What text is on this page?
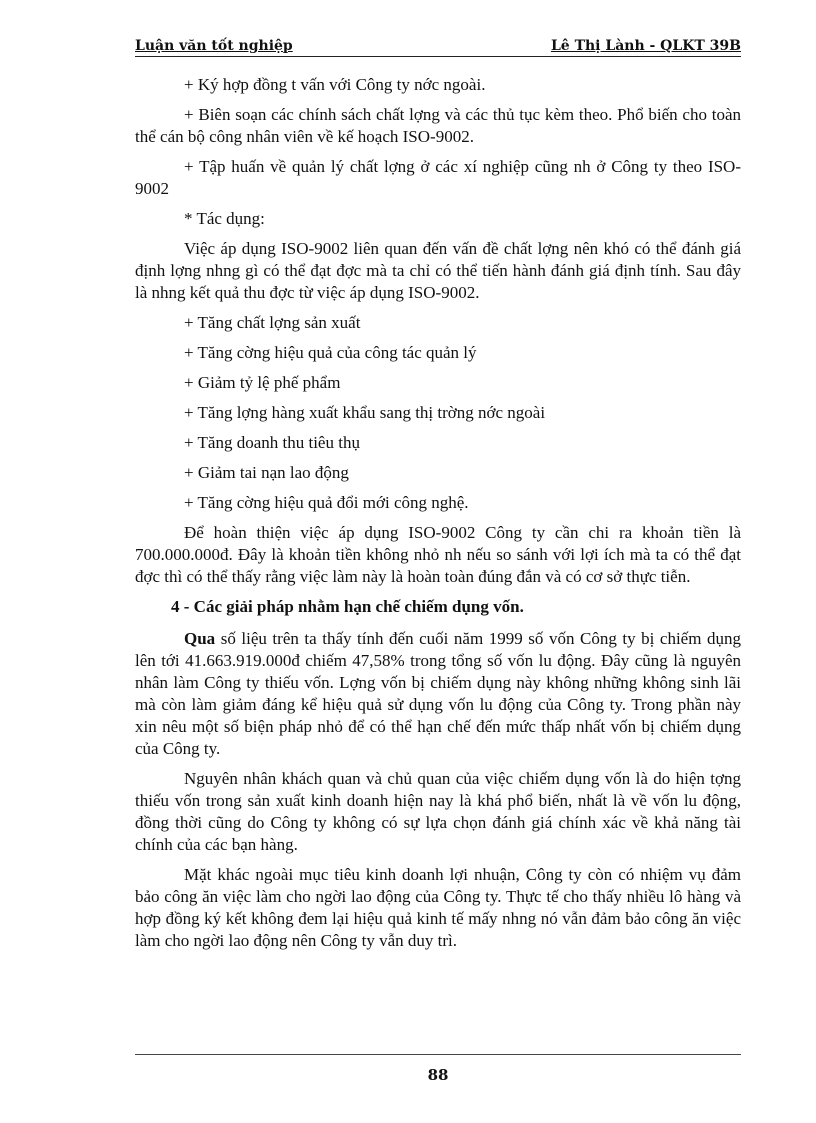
Luận văn tốt nghiệp	Lê Thị Lành - QLKT 39B

+ Ký hợp đồng t vấn với Công ty nớc ngoài.

+ Biên soạn các chính sách chất lợng và các thủ tục kèm theo. Phổ biến cho toàn thể cán bộ công nhân viên về kế hoạch ISO-9002.

+ Tập huấn về quản lý chất lợng ở các xí nghiệp cũng nh ở Công ty theo ISO-9002

* Tác dụng:

Việc áp dụng ISO-9002 liên quan đến vấn đề chất lợng nên khó có thể đánh giá định lợng nhng gì có thể đạt đợc mà ta chỉ có thể tiến hành đánh giá định tính. Sau đây là nhng kết quả thu đợc từ việc áp dụng ISO-9002.

+ Tăng chất lợng sản xuất

+ Tăng cờng hiệu quả của công tác quản lý

+ Giảm tỷ lệ phế phẩm

+ Tăng lợng hàng xuất khẩu sang thị trờng nớc ngoài

+ Tăng doanh thu tiêu thụ

+ Giảm tai nạn lao động

+ Tăng cờng hiệu quả đổi mới công nghệ.

Để hoàn thiện việc áp dụng ISO-9002 Công ty cần chi ra khoản tiền là 700.000.000đ. Đây là khoản tiền không nhỏ nh nếu so sánh với lợi ích mà ta có thể đạt đợc thì có thể thấy rằng việc làm này là hoàn toàn đúng đắn và có cơ sở thực tiễn.

4 - Các giải pháp nhằm hạn chế chiếm dụng vốn.

Qua số liệu trên ta thấy tính đến cuối năm 1999 số vốn Công ty bị chiếm dụng lên tới 41.663.919.000đ chiếm 47,58% trong tổng số vốn lu động. Đây cũng là nguyên nhân làm Công ty thiếu vốn. Lợng vốn bị chiếm dụng này không những không sinh lãi mà còn làm giảm đáng kể hiệu quả sử dụng vốn lu động của Công ty. Trong phần này xin nêu một số biện pháp nhỏ để có thể hạn chế đến mức thấp nhất vốn bị chiếm dụng của Công ty.

Nguyên nhân khách quan và chủ quan của việc chiếm dụng vốn là do hiện tợng thiếu vốn trong sản xuất kinh doanh hiện nay là khá phổ biến, nhất là về vốn lu động, đồng thời cũng do Công ty không có sự lựa chọn đánh giá chính xác về khả năng tài chính của các bạn hàng.

Mặt khác ngoài mục tiêu kinh doanh lợi nhuận, Công ty còn có nhiệm vụ đảm bảo công ăn việc làm cho ngời lao động của Công ty. Thực tế cho thấy nhiều lô hàng và hợp đồng ký kết không đem lại hiệu quả kinh tế mấy nhng nó vẫn đảm bảo công ăn việc làm cho ngời lao động nên Công ty vẫn duy trì.

88
